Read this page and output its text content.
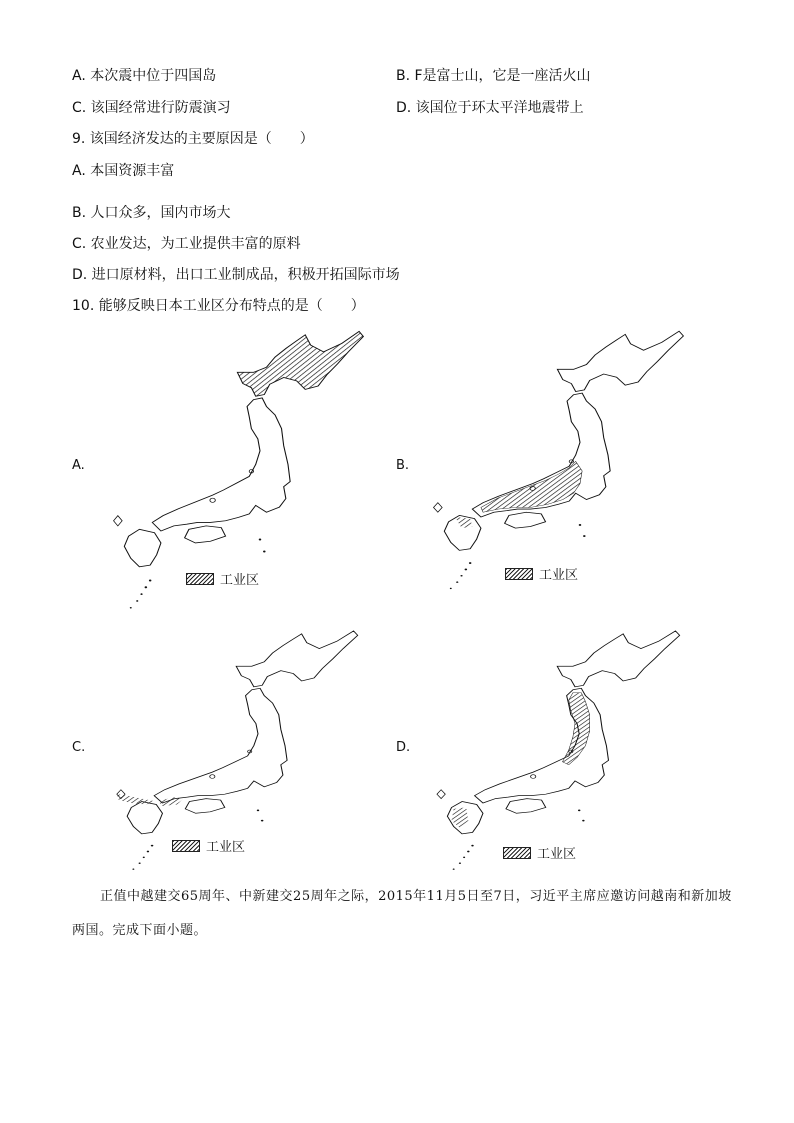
A. 本次震中位于四国岛	B. F是富士山，它是一座活火山
C. 该国经常进行防震演习	D. 该国位于环太平洋地震带上
9. 该国经济发达的主要原因是（　　）
A. 本国资源丰富
B. 人口众多，国内市场大
C. 农业发达，为工业提供丰富的原料
D. 进口原材料，出口工业制成品，积极开拓国际市场
10. 能够反映日本工业区分布特点的是（　　）
A.
工业区
B.
工业区
C.
工业区
D.
工业区
正值中越建交65周年、中新建交25周年之际，2015年11月5日至7日，习近平主席应邀访问越南和新加坡两国。完成下面小题。
